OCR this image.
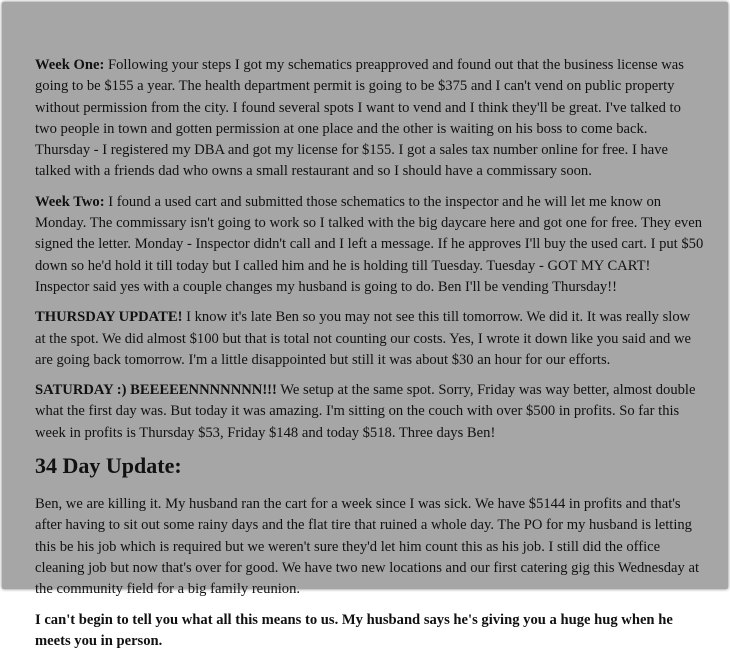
Week One: Following your steps I got my schematics preapproved and found out that the business license was going to be $155 a year. The health department permit is going to be $375 and I can't vend on public property without permission from the city. I found several spots I want to vend and I think they'll be great. I've talked to two people in town and gotten permission at one place and the other is waiting on his boss to come back. Thursday - I registered my DBA and got my license for $155. I got a sales tax number online for free. I have talked with a friends dad who owns a small restaurant and so I should have a commissary soon.

Week Two: I found a used cart and submitted those schematics to the inspector and he will let me know on Monday. The commissary isn't going to work so I talked with the big daycare here and got one for free. They even signed the letter. Monday - Inspector didn't call and I left a message. If he approves I'll buy the used cart. I put $50 down so he'd hold it till today but I called him and he is holding till Tuesday. Tuesday - GOT MY CART! Inspector said yes with a couple changes my husband is going to do. Ben I'll be vending Thursday!!

THURSDAY UPDATE! I know it's late Ben so you may not see this till tomorrow. We did it. It was really slow at the spot. We did almost $100 but that is total not counting our costs. Yes, I wrote it down like you said and we are going back tomorrow. I'm a little disappointed but still it was about $30 an hour for our efforts.

SATURDAY :) BEEEEENNNNNNN!!! We setup at the same spot. Sorry, Friday was way better, almost double what the first day was. But today it was amazing. I'm sitting on the couch with over $500 in profits. So far this week in profits is Thursday $53, Friday $148 and today $518. Three days Ben!

34 Day Update:

Ben, we are killing it. My husband ran the cart for a week since I was sick. We have $5144 in profits and that's after having to sit out some rainy days and the flat tire that ruined a whole day. The PO for my husband is letting this be his job which is required but we weren't sure they'd let him count this as his job. I still did the office cleaning job but now that's over for good. We have two new locations and our first catering gig this Wednesday at the community field for a big family reunion.

I can't begin to tell you what all this means to us. My husband says he's giving you a huge hug when he meets you in person.
